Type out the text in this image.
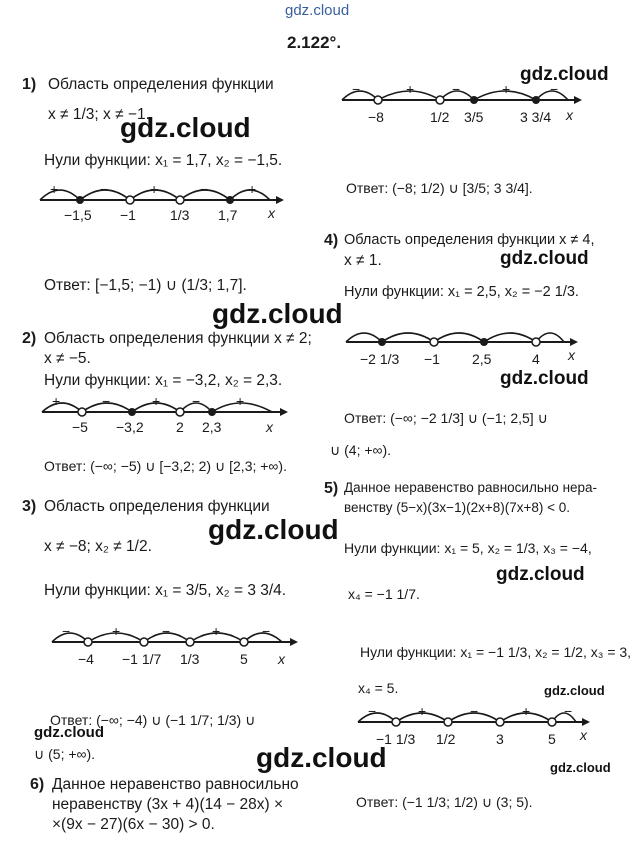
gdz.cloud
2.122°.
1) Область определения функции
x ≠ 1/3; x ≠ −1.
Нули функции: x₁ = 1,7, x₂ = −1,5.
+	−	+	−	+
−1,5 −1 1/3 1,7 x
Ответ: [−1,5; −1) ∪ (1/3; 1,7].
2) Область определения функции x ≠ 2;
x ≠ −5.
Нули функции: x₁ = −3,2, x₂ = 2,3.
+	−	+ −	+
−5 −3,2 2 2,3	x
Ответ: (−∞; −5) ∪ [−3,2; 2) ∪ [2,3; +∞).
3) Область определения функции
x ≠ −8; x₂ ≠ 1/2.
Нули функции: x₁ = 3/5, x₂ = 3 3/4.
−	+	−	+	−
−4 −1 1/7 1/3	5 x
Ответ: (−∞; −4) ∪ (−1 1/7; 1/3) ∪
∪ (5; +∞).
6) Данное неравенство равносильно
неравенству (3x + 4)(14 − 28x) ×
×(9x − 27)(6x − 30) > 0.
−	+	−	+	−
−8	1/2 3/5	3 3/4 x
Ответ: (−8; 1/2) ∪ [3/5; 3 3/4].
4) Область определения функции x ≠ 4,
x ≠ 1.
Нули функции: x₁ = 2,5, x₂ = −2 1/3.
−2 1/3 −1 2,5	4 x
Ответ: (−∞; −2 1/3] ∪ (−1; 2,5] ∪
∪ (4; +∞).
5) Данное неравенство равносильно нера-
венству (5−x)(3x−1)(2x+8)(7x+8) < 0.
Нули функции: x₁ = 5, x₂ = 1/3, x₃ = −4,
x₄ = −1 1/7.
Нули функции: x₁ = −1 1/3, x₂ = 1/2, x₃ = 3,
x₄ = 5.
−	+	−	+ −
−1 1/3 1/2	3	5 x
Ответ: (−1 1/3; 1/2) ∪ (3; 5).
gdz.cloud
gdz.cloud
gdz.cloud
gdz.cloud
gdz.cloud
gdz.cloud
gdz.cloud
gdz.cloud
gdz.cloud
gdz.cloud
gdz.cloud
